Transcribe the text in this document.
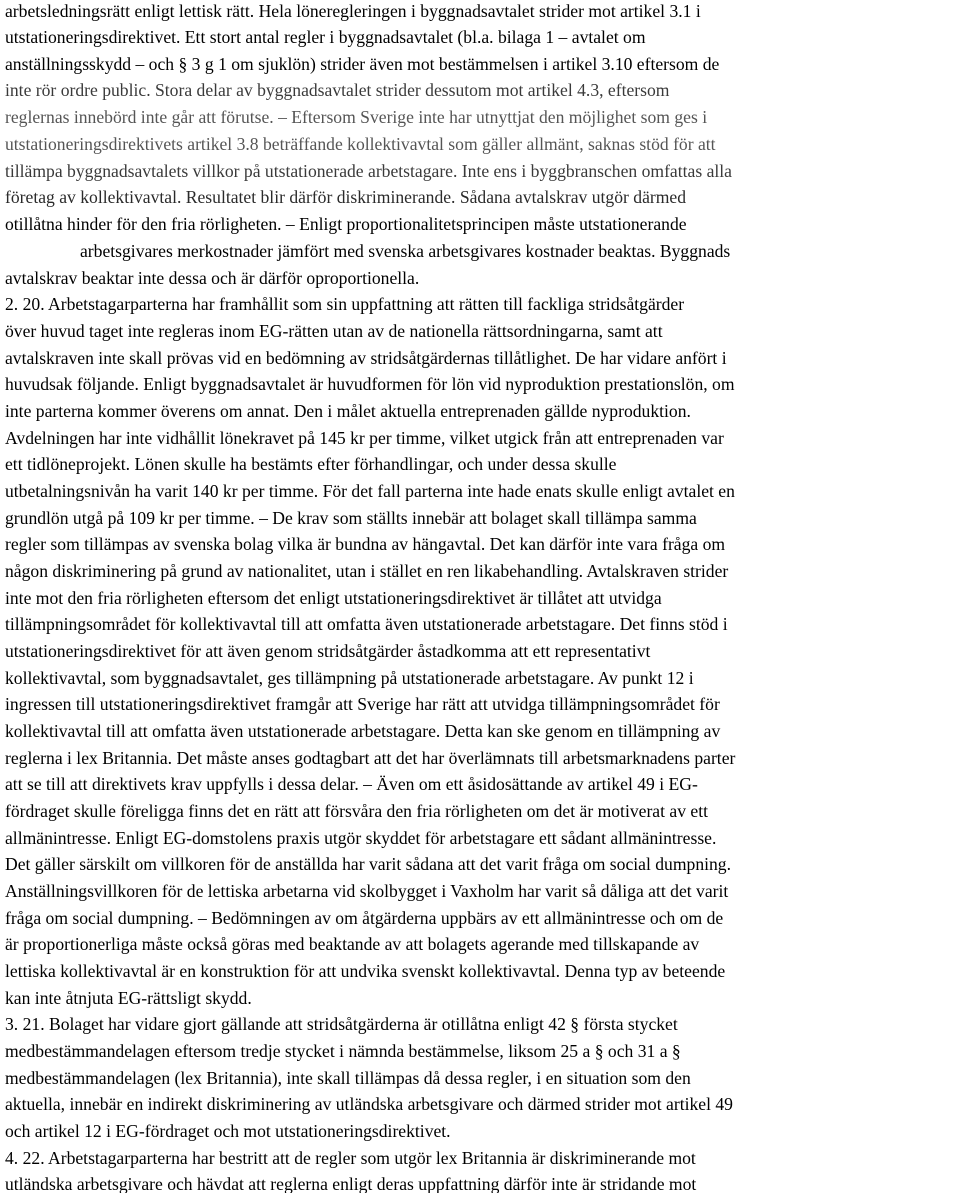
arbetsledningsrätt enligt lettisk rätt. Hela löneregleringen i byggnadsavtalet strider mot artikel 3.1 i
utstationeringsdirektivet. Ett stort antal regler i byggnadsavtalet (bl.a. bilaga 1 – avtalet om
anställningsskydd – och § 3 g 1 om sjuklön) strider även mot bestämmelsen i artikel 3.10 eftersom de
inte rör ordre public. Stora delar av byggnadsavtalet strider dessutom mot artikel 4.3, eftersom
reglernas innebörd inte går att förutse. – Eftersom Sverige inte har utnyttjat den möjlighet som ges i
utstationeringsdirektivets artikel 3.8 beträffande kollektivavtal som gäller allmänt, saknas stöd för att
tillämpa byggnadsavtalets villkor på utstationerade arbetstagare. Inte ens i byggbranschen omfattas alla
företag av kollektivavtal. Resultatet blir därför diskriminerande. Sådana avtalskrav utgör därmed
otillåtna hinder för den fria rörligheten. – Enligt proportionalitetsprincipen måste utstationerande
arbetsgivares merkostnader jämfört med svenska arbetsgivares kostnader beaktas. Byggnads
avtalskrav beaktar inte dessa och är därför oproportionella.
2. 20. Arbetstagarparterna har framhållit som sin uppfattning att rätten till fackliga stridsåtgärder
över huvud taget inte regleras inom EG-rätten utan av de nationella rättsordningarna, samt att
avtalskraven inte skall prövas vid en bedömning av stridsåtgärdernas tillåtlighet. De har vidare anfört i
huvudsak följande. Enligt byggnadsavtalet är huvudformen för lön vid nyproduktion prestationslön, om
inte parterna kommer överens om annat. Den i målet aktuella entreprenaden gällde nyproduktion.
Avdelningen har inte vidhållit lönekravet på 145 kr per timme, vilket utgick från att entreprenaden var
ett tidlöneprojekt. Lönen skulle ha bestämts efter förhandlingar, och under dessa skulle
utbetalningsnivån ha varit 140 kr per timme. För det fall parterna inte hade enats skulle enligt avtalet en
grundlön utgå på 109 kr per timme. – De krav som ställts innebär att bolaget skall tillämpa samma
regler som tillämpas av svenska bolag vilka är bundna av hängavtal. Det kan därför inte vara fråga om
någon diskriminering på grund av nationalitet, utan i stället en ren likabehandling. Avtalskraven strider
inte mot den fria rörligheten eftersom det enligt utstationeringsdirektivet är tillåtet att utvidga
tillämpningsområdet för kollektivavtal till att omfatta även utstationerade arbetstagare. Det finns stöd i
utstationeringsdirektivet för att även genom stridsåtgärder åstadkomma att ett representativt
kollektivavtal, som byggnadsavtalet, ges tillämpning på utstationerade arbetstagare. Av punkt 12 i
ingressen till utstationeringsdirektivet framgår att Sverige har rätt att utvidga tillämpningsområdet för
kollektivavtal till att omfatta även utstationerade arbetstagare. Detta kan ske genom en tillämpning av
reglerna i lex Britannia. Det måste anses godtagbart att det har överlämnats till arbetsmarknadens parter
att se till att direktivets krav uppfylls i dessa delar. – Även om ett åsidosättande av artikel 49 i EG-
fördraget skulle föreligga finns det en rätt att försvåra den fria rörligheten om det är motiverat av ett
allmänintresse. Enligt EG-domstolens praxis utgör skyddet för arbetstagare ett sådant allmänintresse.
Det gäller särskilt om villkoren för de anställda har varit sådana att det varit fråga om social dumpning.
Anställningsvillkoren för de lettiska arbetarna vid skolbygget i Vaxholm har varit så dåliga att det varit
fråga om social dumpning. – Bedömningen av om åtgärderna uppbärs av ett allmänintresse och om de
är proportionerliga måste också göras med beaktande av att bolagets agerande med tillskapande av
lettiska kollektivavtal är en konstruktion för att undvika svenskt kollektivavtal. Denna typ av beteende
kan inte åtnjuta EG-rättsligt skydd.
3. 21. Bolaget har vidare gjort gällande att stridsåtgärderna är otillåtna enligt 42 § första stycket
medbestämmandelagen eftersom tredje stycket i nämnda bestämmelse, liksom 25 a § och 31 a §
medbestämmandelagen (lex Britannia), inte skall tillämpas då dessa regler, i en situation som den
aktuella, innebär en indirekt diskriminering av utländska arbetsgivare och därmed strider mot artikel 49
och artikel 12 i EG-fördraget och mot utstationeringsdirektivet.
4. 22. Arbetstagarparterna har bestritt att de regler som utgör lex Britannia är diskriminerande mot
utländska arbetsgivare och hävdat att reglerna enligt deras uppfattning därför inte är stridande mot
